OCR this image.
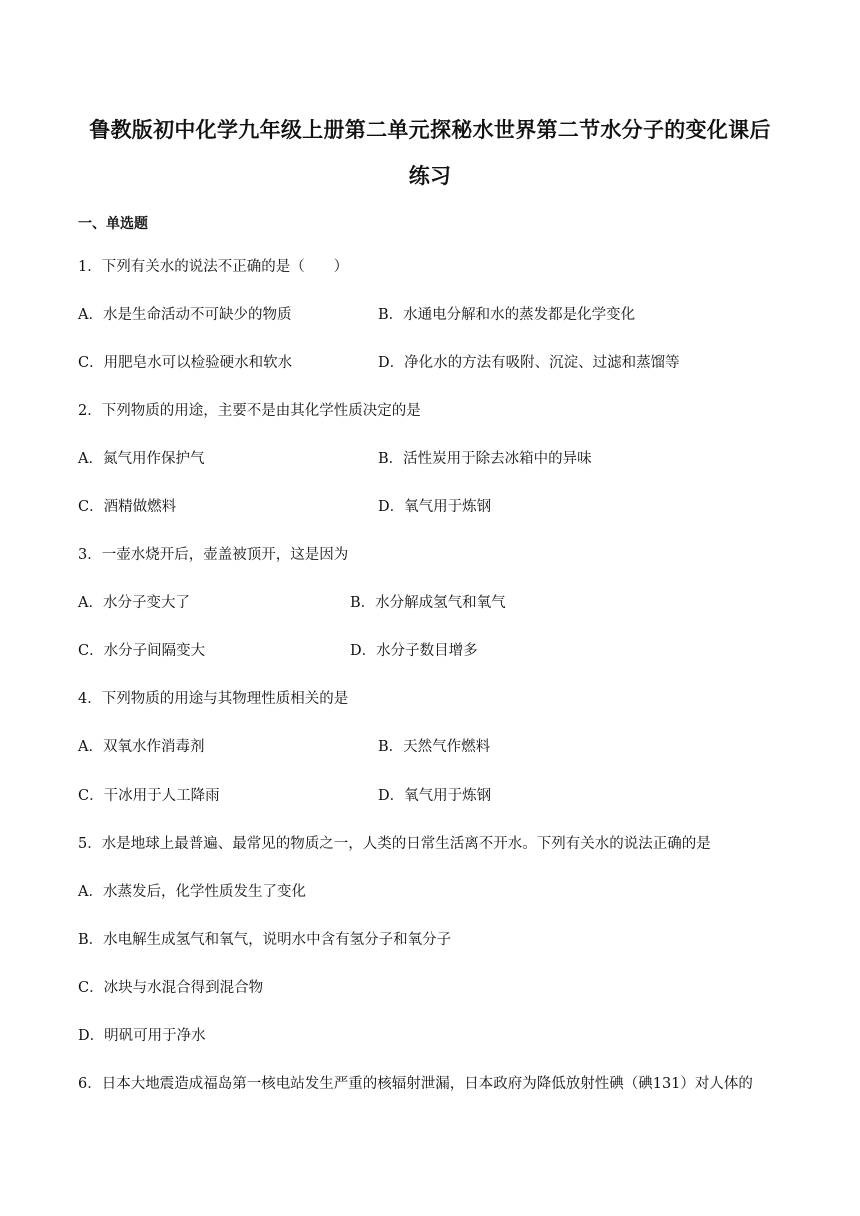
鲁教版初中化学九年级上册第二单元探秘水世界第二节水分子的变化课后
练习
一、单选题
1．下列有关水的说法不正确的是（　　）
A．水是生命活动不可缺少的物质	B．水通电分解和水的蒸发都是化学变化
C．用肥皂水可以检验硬水和软水	D．净化水的方法有吸附、沉淀、过滤和蒸馏等
2．下列物质的用途，主要不是由其化学性质决定的是
A．氮气用作保护气	B．活性炭用于除去冰箱中的异味
C．酒精做燃料	D．氧气用于炼钢
3．一壶水烧开后，壶盖被顶开，这是因为
A．水分子变大了	B．水分解成氢气和氧气
C．水分子间隔变大	D．水分子数目增多
4．下列物质的用途与其物理性质相关的是
A．双氧水作消毒剂	B．天然气作燃料
C．干冰用于人工降雨	D．氧气用于炼钢
5．水是地球上最普遍、最常见的物质之一，人类的日常生活离不开水。下列有关水的说法正确的是
A．水蒸发后，化学性质发生了变化
B．水电解生成氢气和氧气，说明水中含有氢分子和氧分子
C．冰块与水混合得到混合物
D．明矾可用于净水
6．日本大地震造成福岛第一核电站发生严重的核辐射泄漏，日本政府为降低放射性碘（碘131）对人体的
